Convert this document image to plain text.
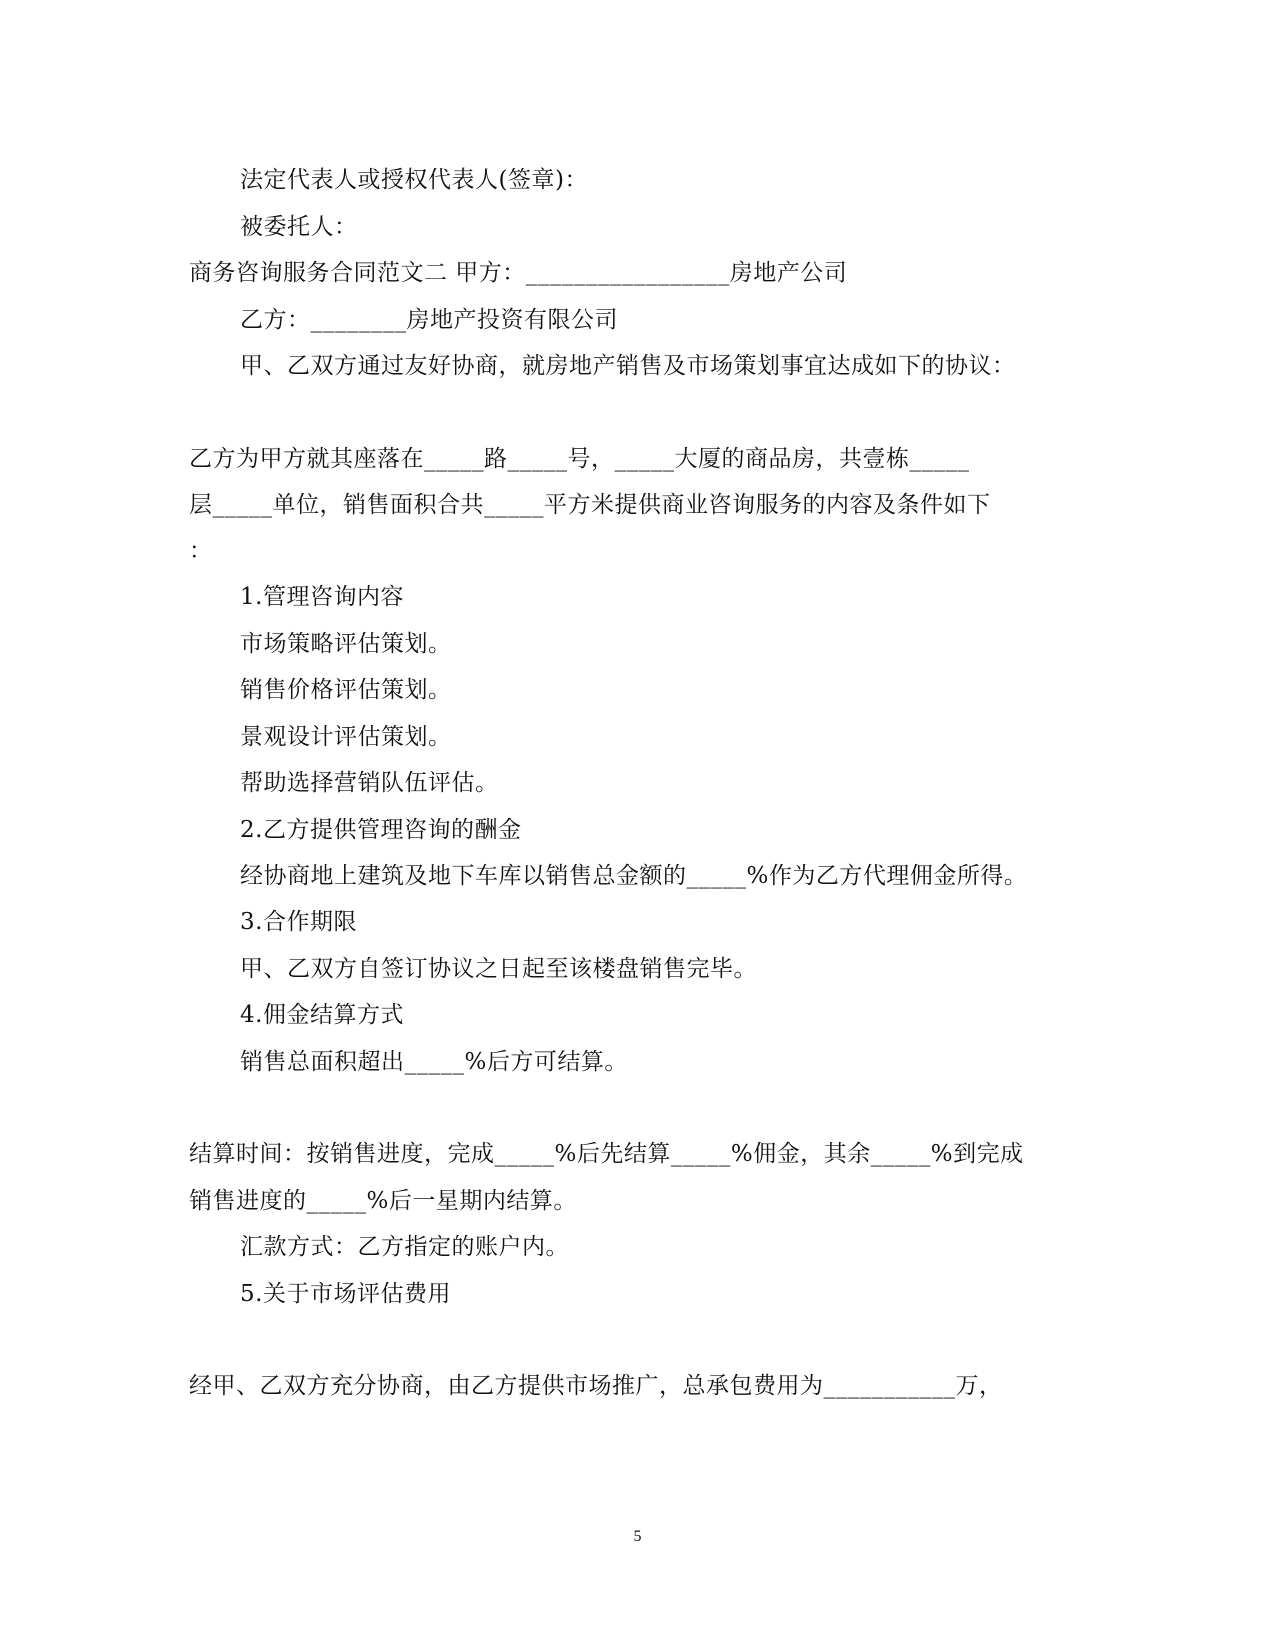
法定代表人或授权代表人(签章)：
被委托人：
商务咨询服务合同范文二 甲方：_________________房地产公司
乙方：________房地产投资有限公司
甲、乙双方通过友好协商，就房地产销售及市场策划事宜达成如下的协议：
乙方为甲方就其座落在_____路_____号，_____大厦的商品房，共壹栋_____
层_____单位，销售面积合共_____平方米提供商业咨询服务的内容及条件如下
：
1.管理咨询内容
市场策略评估策划。
销售价格评估策划。
景观设计评估策划。
帮助选择营销队伍评估。
2.乙方提供管理咨询的酬金
经协商地上建筑及地下车库以销售总金额的_____%作为乙方代理佣金所得。
3.合作期限
甲、乙双方自签订协议之日起至该楼盘销售完毕。
4.佣金结算方式
销售总面积超出_____%后方可结算。
结算时间：按销售进度，完成_____%后先结算_____%佣金，其余_____%到完成
销售进度的_____%后一星期内结算。
汇款方式：乙方指定的账户内。
5.关于市场评估费用
经甲、乙双方充分协商，由乙方提供市场推广，总承包费用为___________万，
5
